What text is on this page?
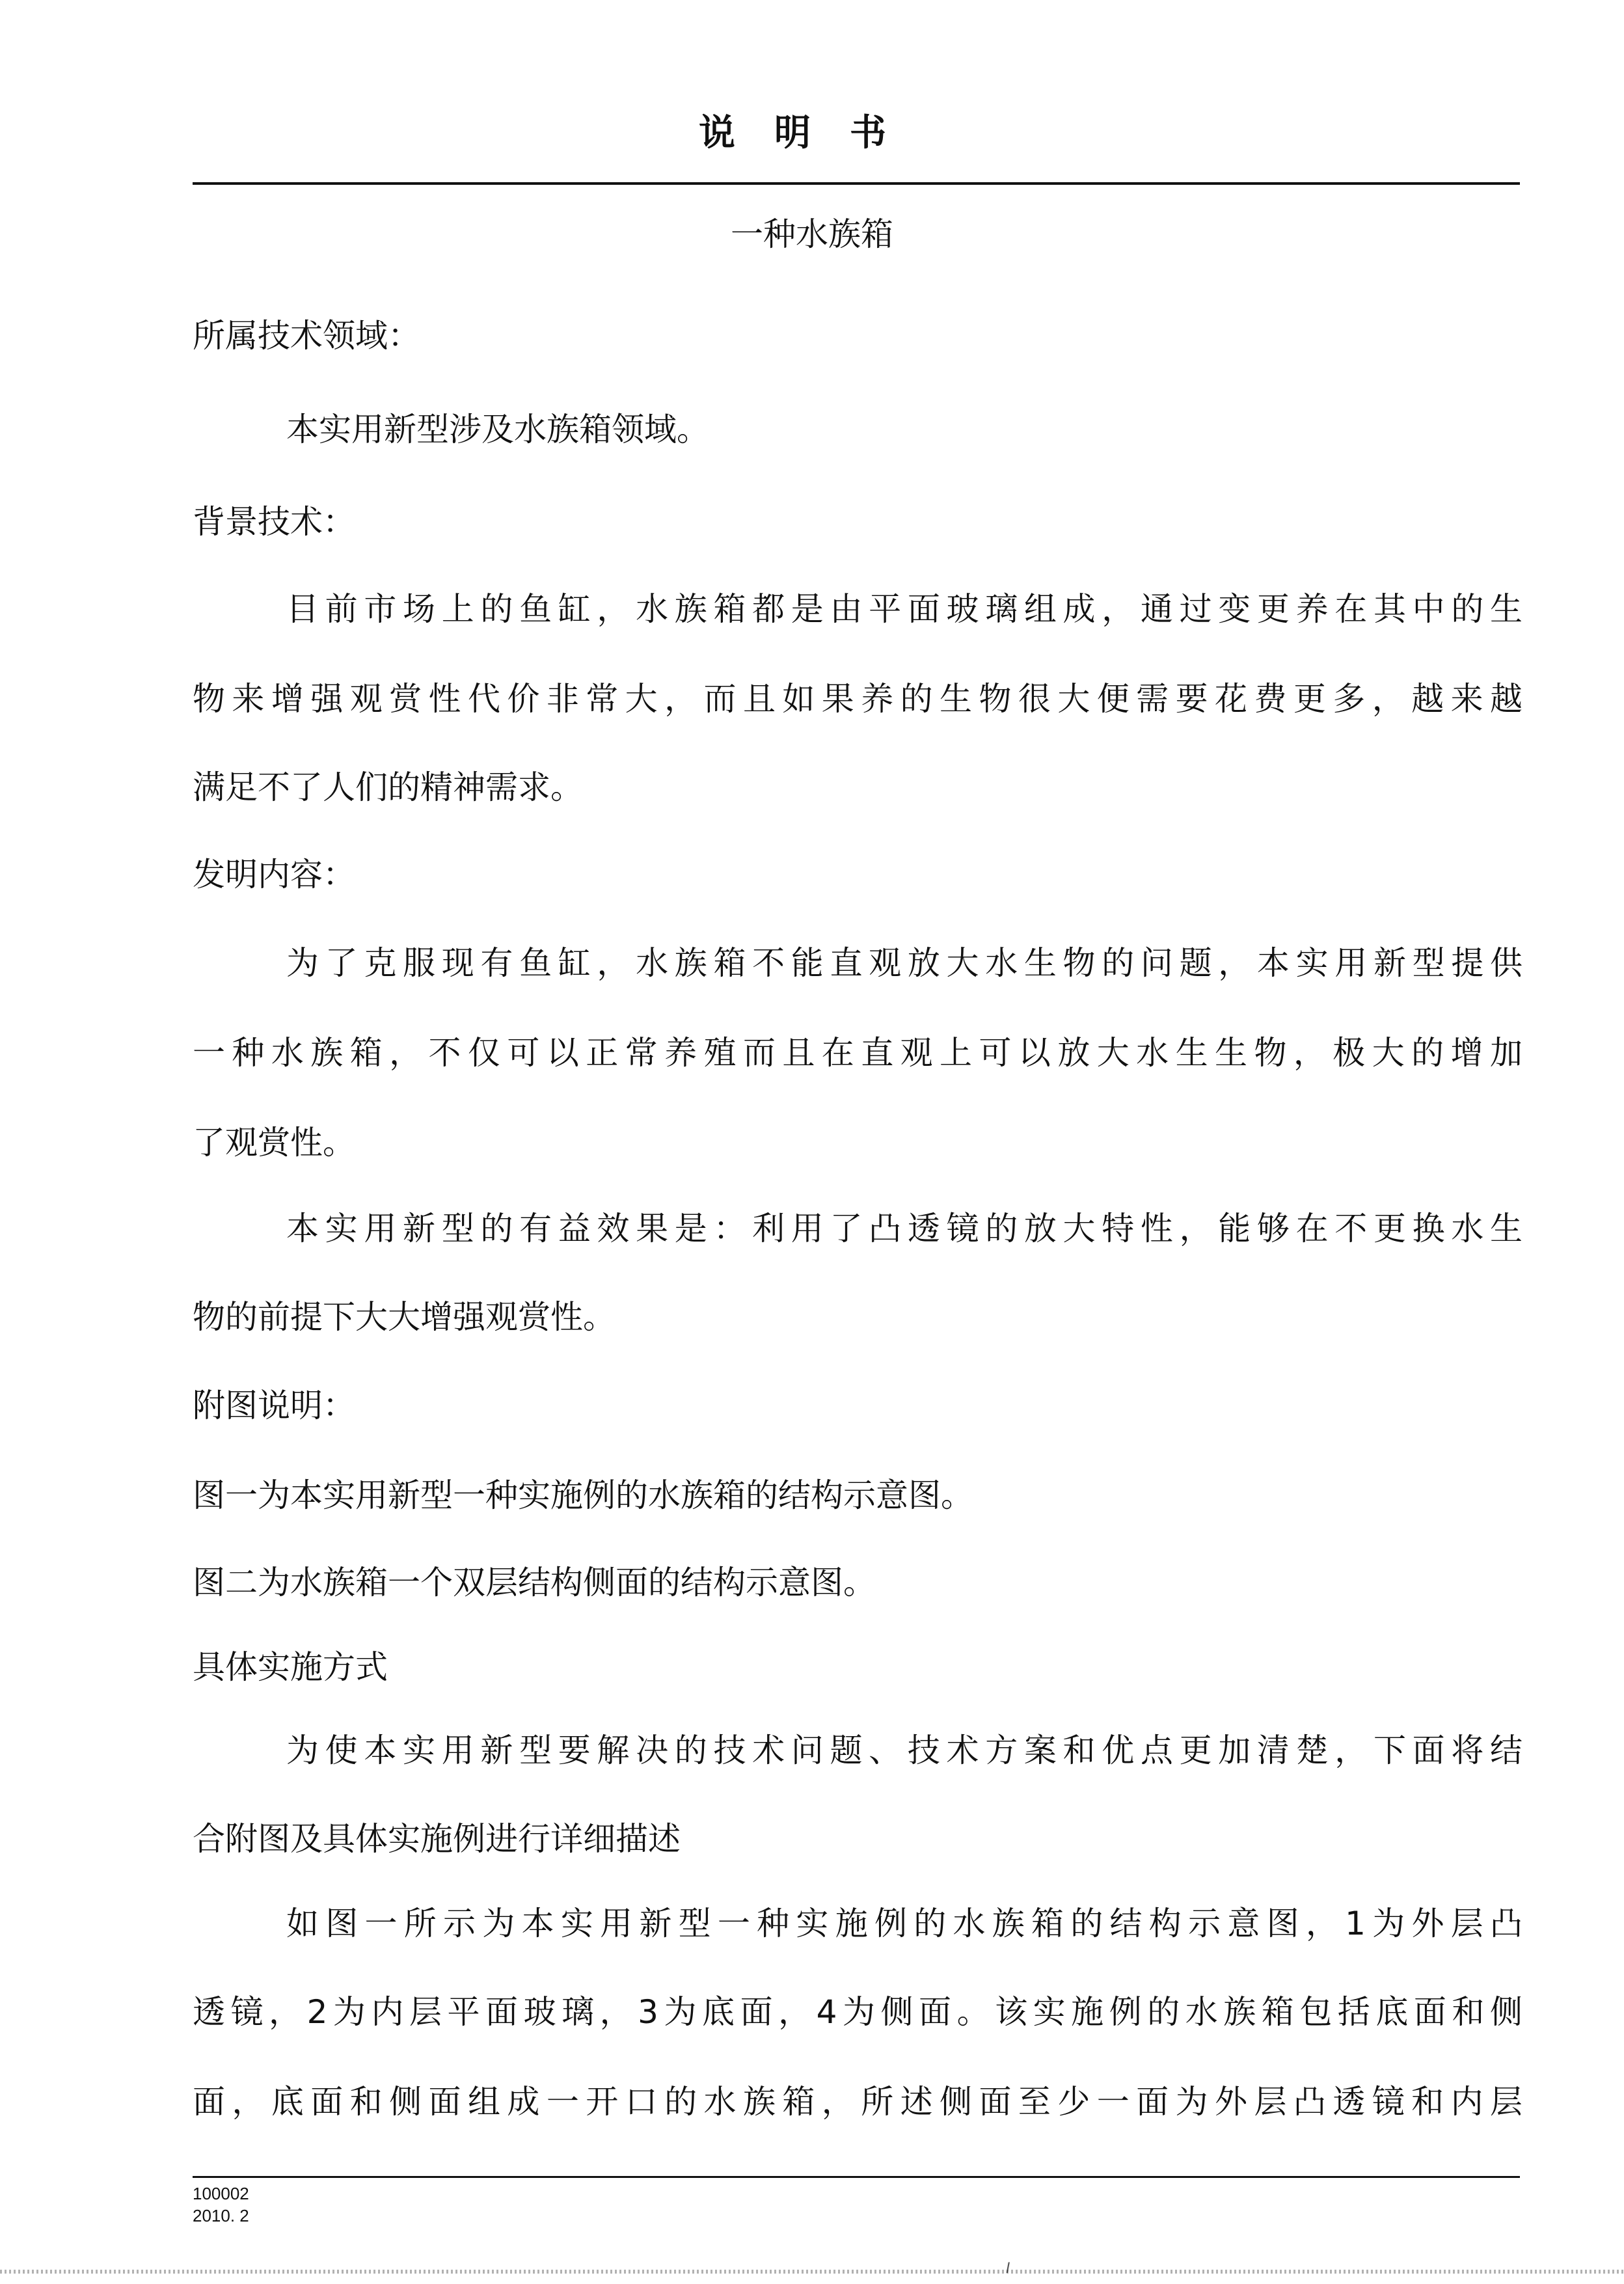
说明书
一种水族箱
所属技术领域：
本实用新型涉及水族箱领域。
背景技术：
目前市场上的鱼缸，水族箱都是由平面玻璃组成，通过变更养在其中的生
物来增强观赏性代价非常大，而且如果养的生物很大便需要花费更多，越来越
满足不了人们的精神需求。
发明内容：
为了克服现有鱼缸，水族箱不能直观放大水生物的问题，本实用新型提供
一种水族箱，不仅可以正常养殖而且在直观上可以放大水生生物，极大的增加
了观赏性。
本实用新型的有益效果是：利用了凸透镜的放大特性，能够在不更换水生
物的前提下大大增强观赏性。
附图说明：
图一为本实用新型一种实施例的水族箱的结构示意图。
图二为水族箱一个双层结构侧面的结构示意图。
具体实施方式
为使本实用新型要解决的技术问题、技术方案和优点更加清楚，下面将结
合附图及具体实施例进行详细描述
如图一所示为本实用新型一种实施例的水族箱的结构示意图，1为外层凸
透镜，2为内层平面玻璃，3为底面，4为侧面。该实施例的水族箱包括底面和侧
面，底面和侧面组成一开口的水族箱，所述侧面至少一面为外层凸透镜和内层
100002
2010. 2
I
